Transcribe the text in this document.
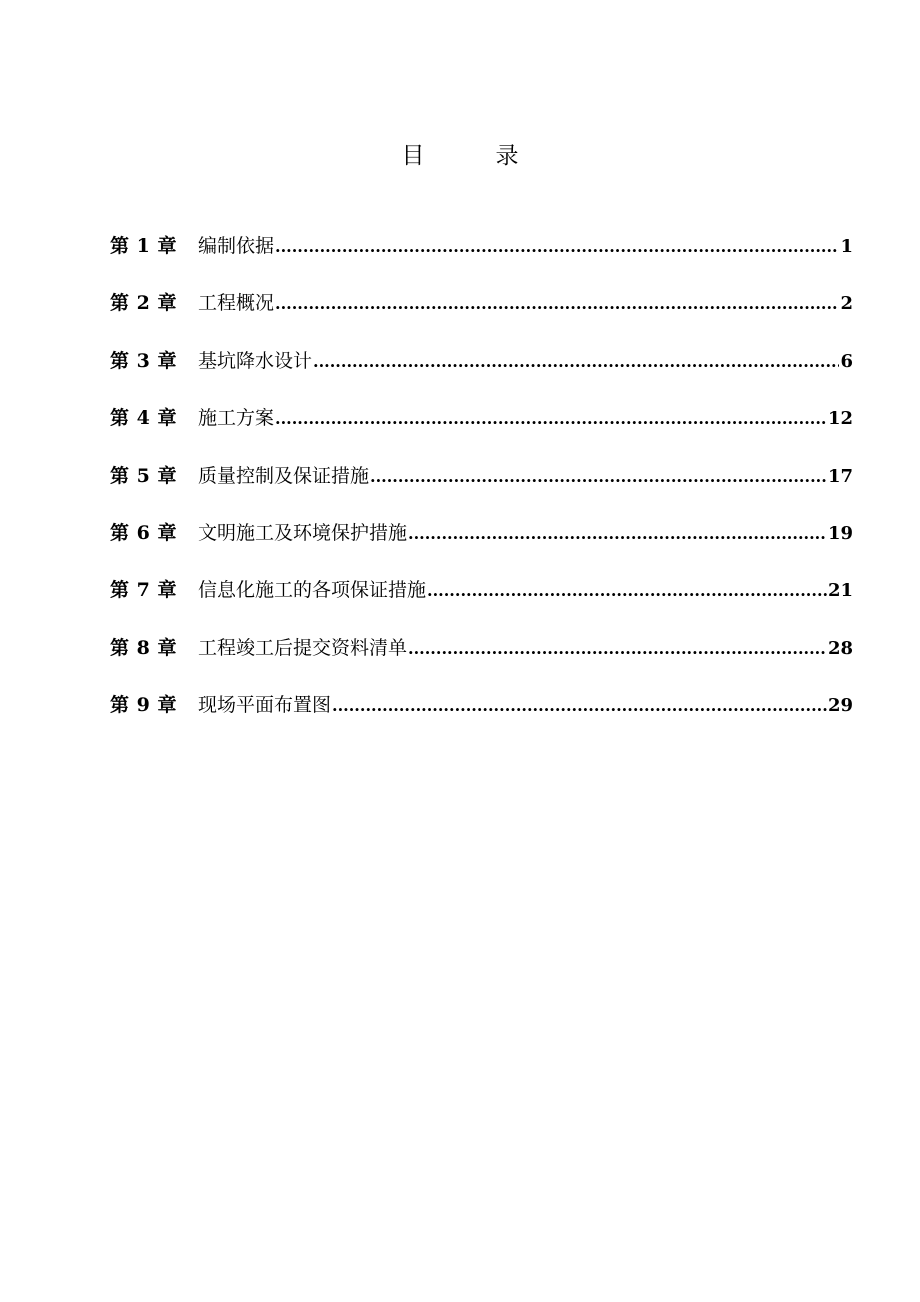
目　录
第 1 章	编制依据 .....	1
第 2 章	工程概况 .....	2
第 3 章	基坑降水设计 .....	6
第 4 章	施工方案 .....	12
第 5 章	质量控制及保证措施 .....	17
第 6 章	文明施工及环境保护措施 .....	19
第 7 章	信息化施工的各项保证措施 .....	21
第 8 章	工程竣工后提交资料清单 .....	28
第 9 章	现场平面布置图 .....	29
